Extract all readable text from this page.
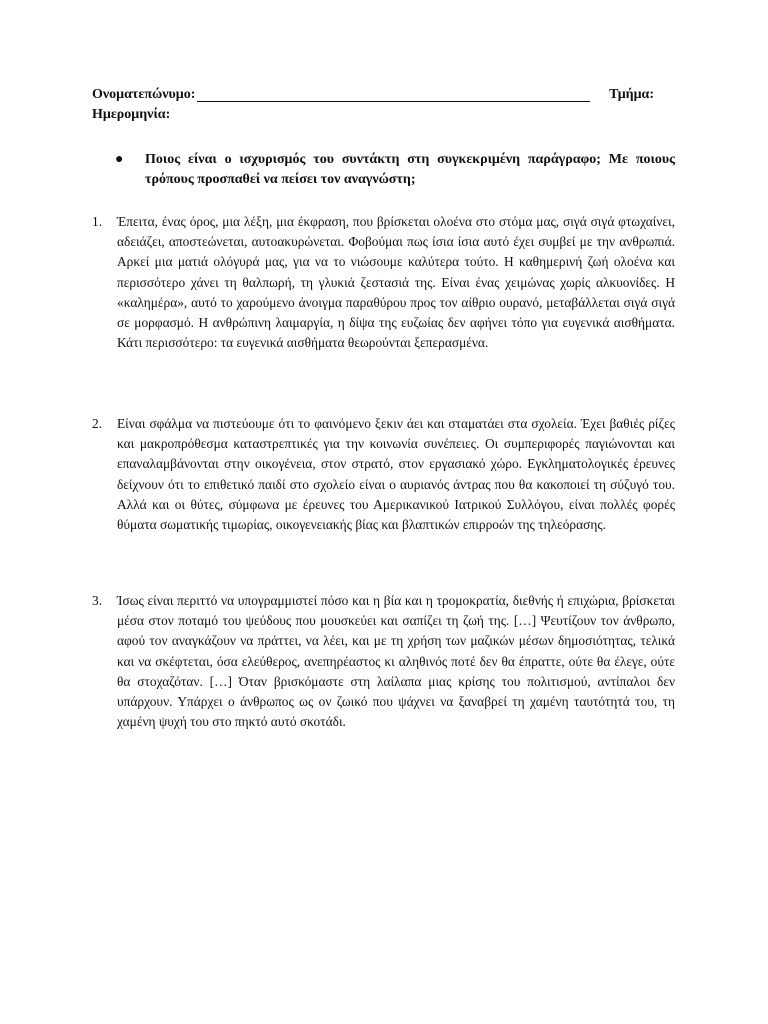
Ονοματεπώνυμο:	Τμήμα:
Ημερομηνία:
● Ποιος είναι ο ισχυρισμός του συντάκτη στη συγκεκριμένη παράγραφο; Με ποιους τρόπους προσπαθεί να πείσει τον αναγνώστη;
1. Έπειτα, ένας όρος, μια λέξη, μια έκφραση, που βρίσκεται ολοένα στο στόμα μας, σιγά σιγά φτωχαίνει, αδειάζει, αποστεώνεται, αυτοακυρώνεται. Φοβούμαι πως ίσια ίσια αυτό έχει συμβεί με την ανθρωπιά. Αρκεί μια ματιά ολόγυρά μας, για να το νιώσουμε καλύτερα τούτο. Η καθημερινή ζωή ολοένα και περισσότερο χάνει τη θαλπωρή, τη γλυκιά ζεστασιά της. Είναι ένας χειμώνας χωρίς αλκυονίδες. Η «καλημέρα», αυτό το χαρούμενο άνοιγμα παραθύρου προς τον αίθριο ουρανό, μεταβάλλεται σιγά σιγά σε μορφασμό. Η ανθρώπινη λαιμαργία, η δίψα της ευζωίας δεν αφήνει τόπο για ευγενικά αισθήματα. Κάτι περισσότερο: τα ευγενικά αισθήματα θεωρούνται ξεπερασμένα.
2. Είναι σφάλμα να πιστεύουμε ότι το φαινόμενο ξεκιν άει και σταματάει στα σχολεία. Έχει βαθιές ρίζες και μακροπρόθεσμα καταστρεπτικές για την κοινωνία συνέπειες. Οι συμπεριφορές παγιώνονται και επαναλαμβάνονται στην οικογένεια, στον στρατό, στον εργασιακό χώρο. Εγκληματολογικές έρευνες δείχνουν ότι το επιθετικό παιδί στο σχολείο είναι ο αυριανός άντρας που θα κακοποιεί τη σύζυγό του. Αλλά και οι θύτες, σύμφωνα με έρευνες του Αμερικανικού Ιατρικού Συλλόγου, είναι πολλές φορές θύματα σωματικής τιμωρίας, οικογενειακής βίας και βλαπτικών επιρροών της τηλεόρασης.
3. Ίσως είναι περιττό να υπογραμμιστεί πόσο και η βία και η τρομοκρατία, διεθνής ή επιχώρια, βρίσκεται μέσα στον ποταμό του ψεύδους που μουσκεύει και σαπίζει τη ζωή της. […] Ψευτίζουν τον άνθρωπο, αφού τον αναγκάζουν να πράττει, να λέει, και με τη χρήση των μαζικών μέσων δημοσιότητας, τελικά και να σκέφτεται, όσα ελεύθερος, ανεπηρέαστος κι αληθινός ποτέ δεν θα έπραττε, ούτε θα έλεγε, ούτε θα στοχαζόταν. […] Όταν βρισκόμαστε στη λαίλαπα μιας κρίσης του πολιτισμού, αντίπαλοι δεν υπάρχουν. Υπάρχει ο άνθρωπος ως ον ζωικό που ψάχνει να ξαναβρεί τη χαμένη ταυτότητά του, τη χαμένη ψυχή του στο πηκτό αυτό σκοτάδι.
